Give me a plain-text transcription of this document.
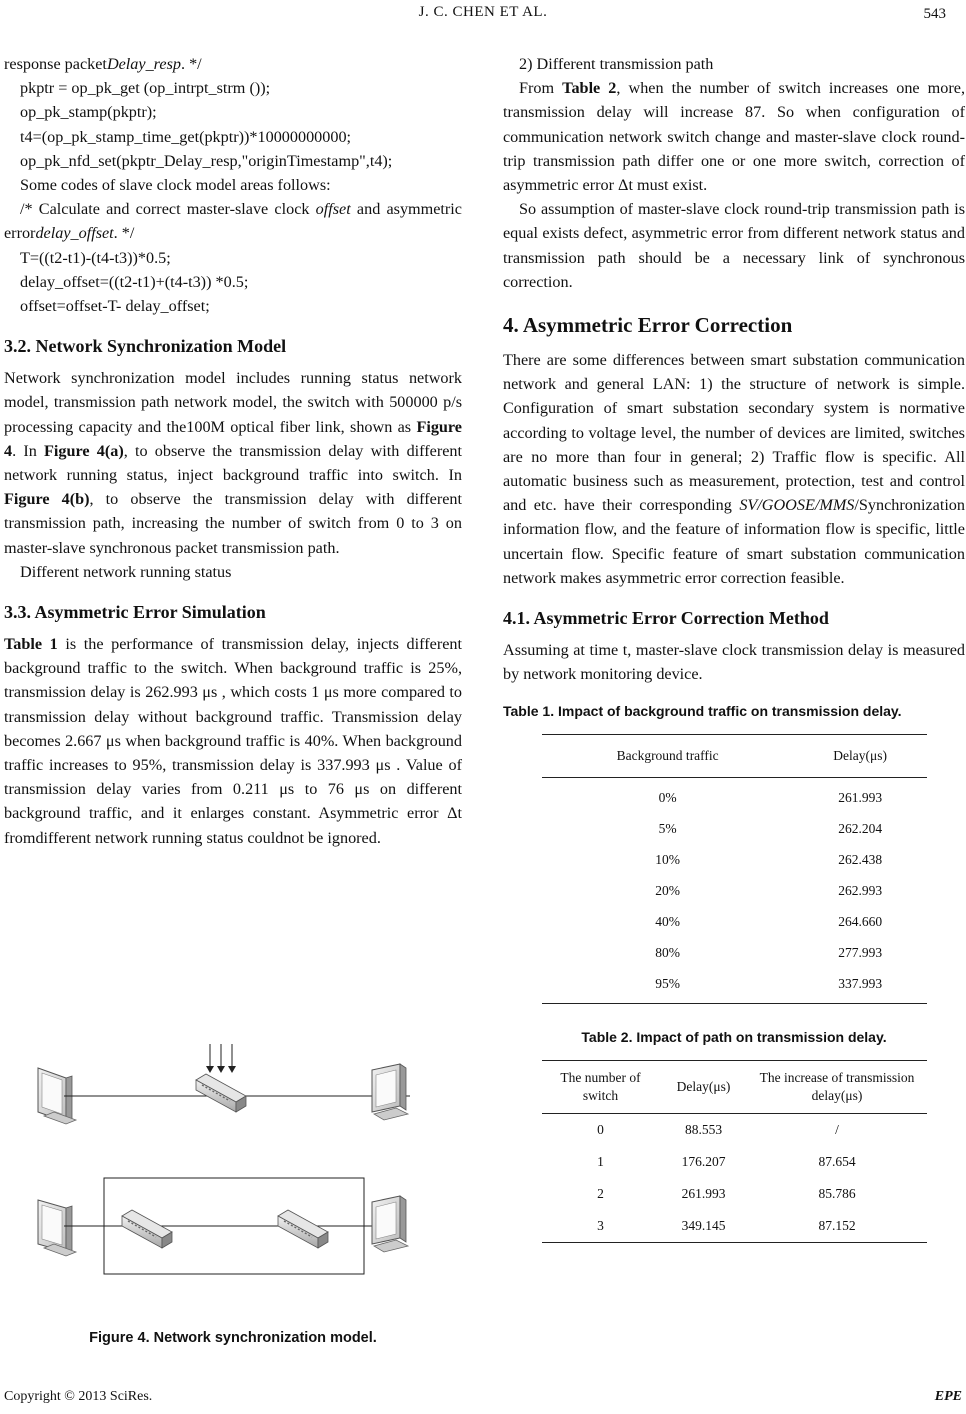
J. C. CHEN ET AL.	543

response packetDelay_resp. */

pkptr = op_pk_get (op_intrpt_strm ());

op_pk_stamp(pkptr);

t4=(op_pk_stamp_time_get(pkptr))*10000000000;

op_pk_nfd_set(pkptr_Delay_resp,"originTimestamp",t4);

Some codes of slave clock model areas follows:

/* Calculate and correct master-slave clock offset and asymmetric errordelay_offset. */

T=((t2-t1)-(t4-t3))*0.5;

delay_offset=((t2-t1)+(t4-t3)) *0.5;

offset=offset-T- delay_offset;

3.2. Network Synchronization Model

Network synchronization model includes running status network model, transmission path network model, the switch with 500000 p/s processing capacity and the100M optical fiber link, shown as Figure 4. In Figure 4(a), to observe the transmission delay with different network running status, inject background traffic into switch. In Figure 4(b), to observe the transmission delay with different transmission path, increasing the number of switch from 0 to 3 on master-slave synchronous packet transmission path.

Different network running status

3.3. Asymmetric Error Simulation

Table 1 is the performance of transmission delay, injects different background traffic to the switch. When background traffic is 25%, transmission delay is 262.993 μs , which costs 1 μs more compared to transmission delay without background traffic. Transmission delay becomes 2.667 μs when background traffic is 40%. When background traffic increases to 95%, transmission delay is 337.993 μs . Value of transmission delay varies from 0.211 μs to 76 μs on different background traffic, and it enlarges constant. Asymmetric error Δt fromdifferent network running status couldnot be ignored.

Figure 4. Network synchronization model.

2) Different transmission path

From Table 2, when the number of switch increases one more, transmission delay will increase 87. So when configuration of communication network switch change and master-slave clock round-trip transmission path differ one or one more switch, correction of asymmetric error Δt must exist.

So assumption of master-slave clock round-trip transmission path is equal exists defect, asymmetric error from different network status and transmission path should be a necessary link of synchronous correction.

4. Asymmetric Error Correction

There are some differences between smart substation communication network and general LAN: 1) the structure of network is simple. Configuration of smart substation secondary system is normative according to voltage level, the number of devices are limited, switches are no more than four in general; 2) Traffic flow is specific. All automatic business such as measurement, protection, test and control and etc. have their corresponding SV/GOOSE/MMS/Synchronization information flow, and the feature of information flow is specific, little uncertain flow. Specific feature of smart substation communication network makes asymmetric error correction feasible.

4.1. Asymmetric Error Correction Method

Assuming at time t, master-slave clock transmission delay is measured by network monitoring device.

Table 1. Impact of background traffic on transmission delay.
Background traffic	Delay(μs)
0%	261.993
5%	262.204
10%	262.438
20%	262.993
40%	264.660
80%	277.993
95%	337.993
Table 2. Impact of path on transmission delay.
The number of switch	Delay(μs)	The increase of transmission delay(μs)
0	88.553	/
1	176.207	87.654
2	261.993	85.786
3	349.145	87.152
Copyright © 2013 SciRes.	EPE
